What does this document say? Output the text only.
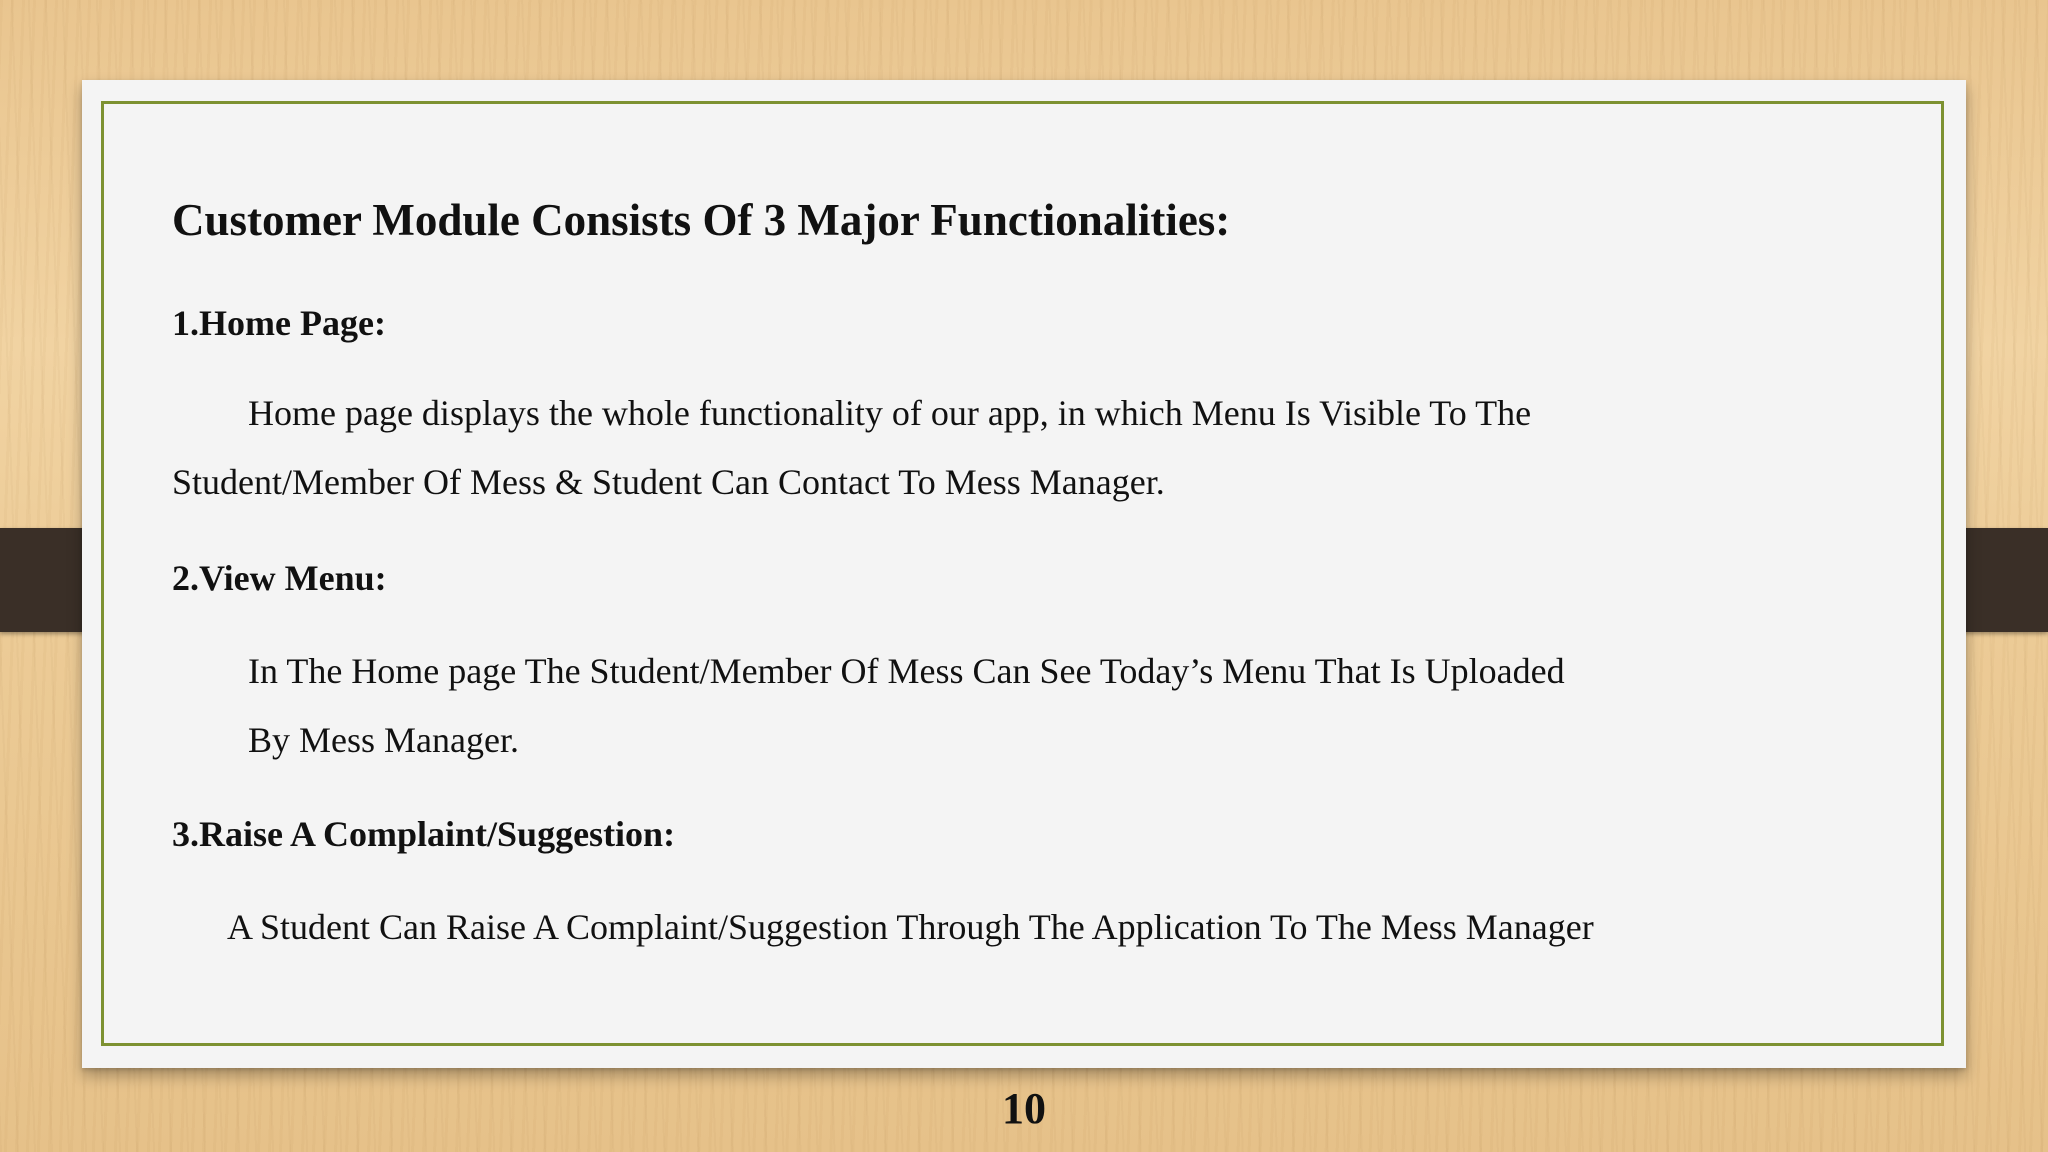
Customer Module Consists Of 3 Major Functionalities:
1.Home Page:
Home page displays the whole functionality of our app, in which Menu Is Visible To The
Student/Member Of Mess & Student Can Contact To Mess Manager.
2.View Menu:
In The Home page The Student/Member Of Mess Can See Today’s Menu That Is Uploaded
By Mess Manager.
3.Raise A Complaint/Suggestion:
A Student Can Raise A Complaint/Suggestion Through The Application To The Mess Manager
10
